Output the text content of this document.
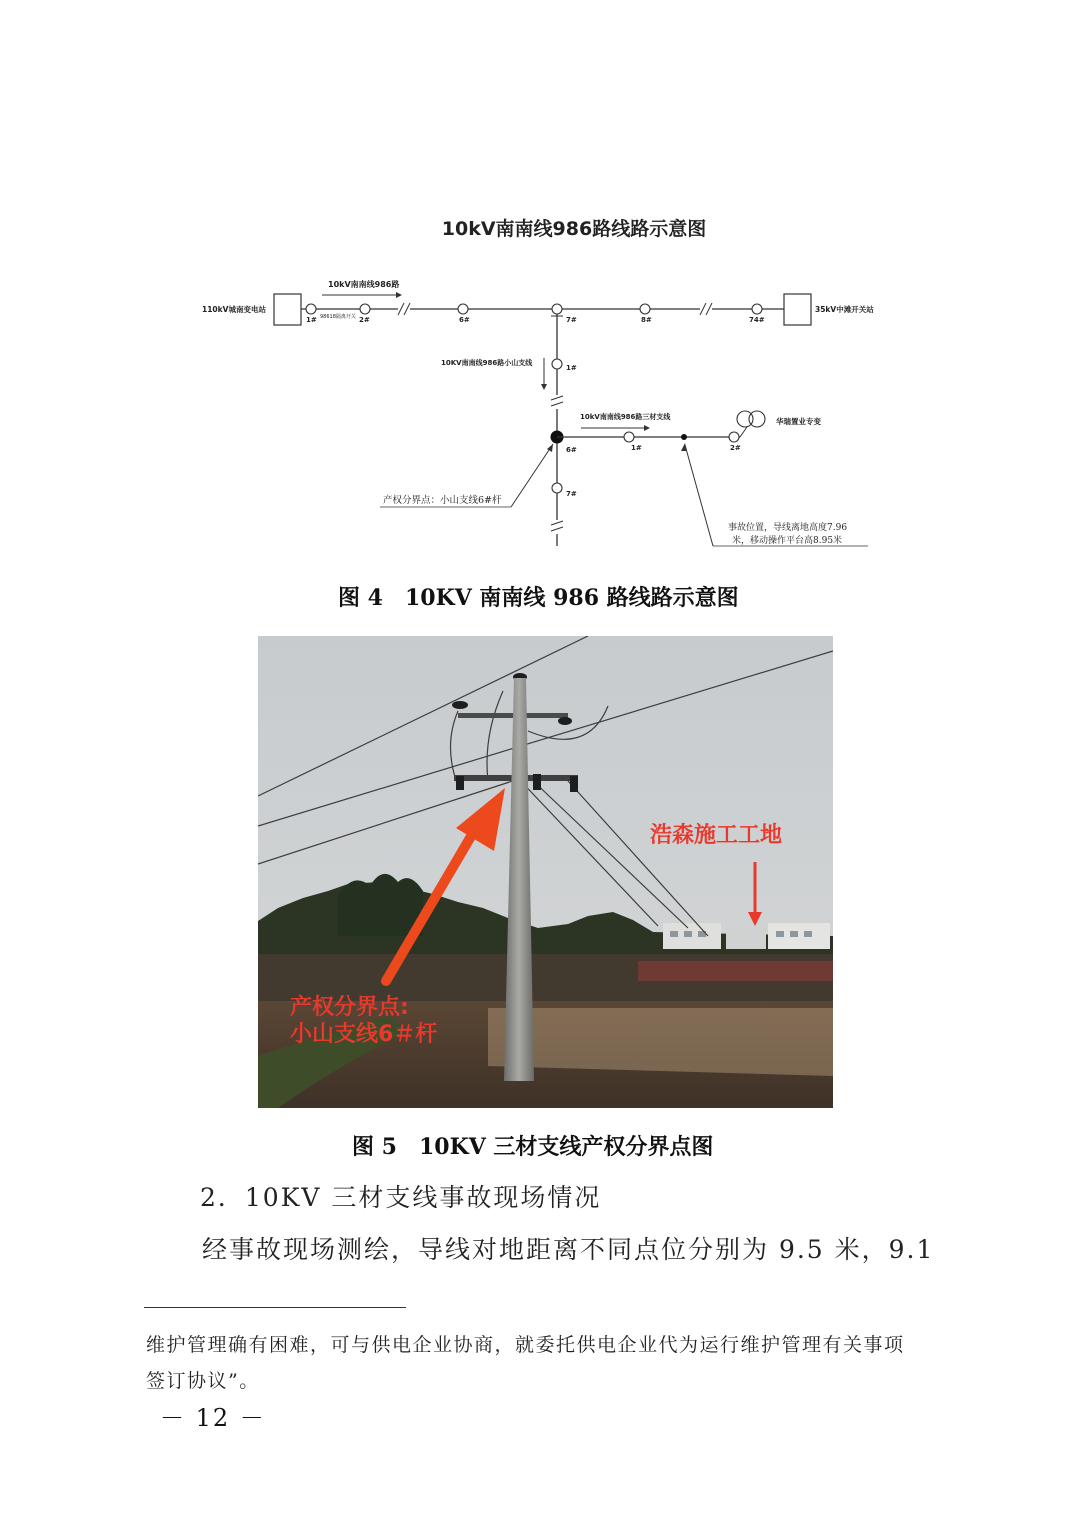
10kV南南线986路线路示意图
10kV南南线986路
110kV城南变电站
1#	2#	6#	7#	8#	74#
98618隔离开关
35kV中滩开关站
10KV南南线986路小山支线
1#
6#
7#
10kV南南线986路三材支线
1#	2#
华瑞置业专变
产权分界点：小山支线6#杆
事故位置，导线离地高度7.96
米，移动操作平台高8.95米
图 4　10KV 南南线 986 路线路示意图
浩森施工工地
产权分界点:
小山支线6＃杆
图 5　10KV 三材支线产权分界点图
2．10KV 三材支线事故现场情况
经事故现场测绘，导线对地距离不同点位分别为 9.5 米，9.1
维护管理确有困难，可与供电企业协商，就委托供电企业代为运行维护管理有关事项
签订协议”。
－ 12 －
